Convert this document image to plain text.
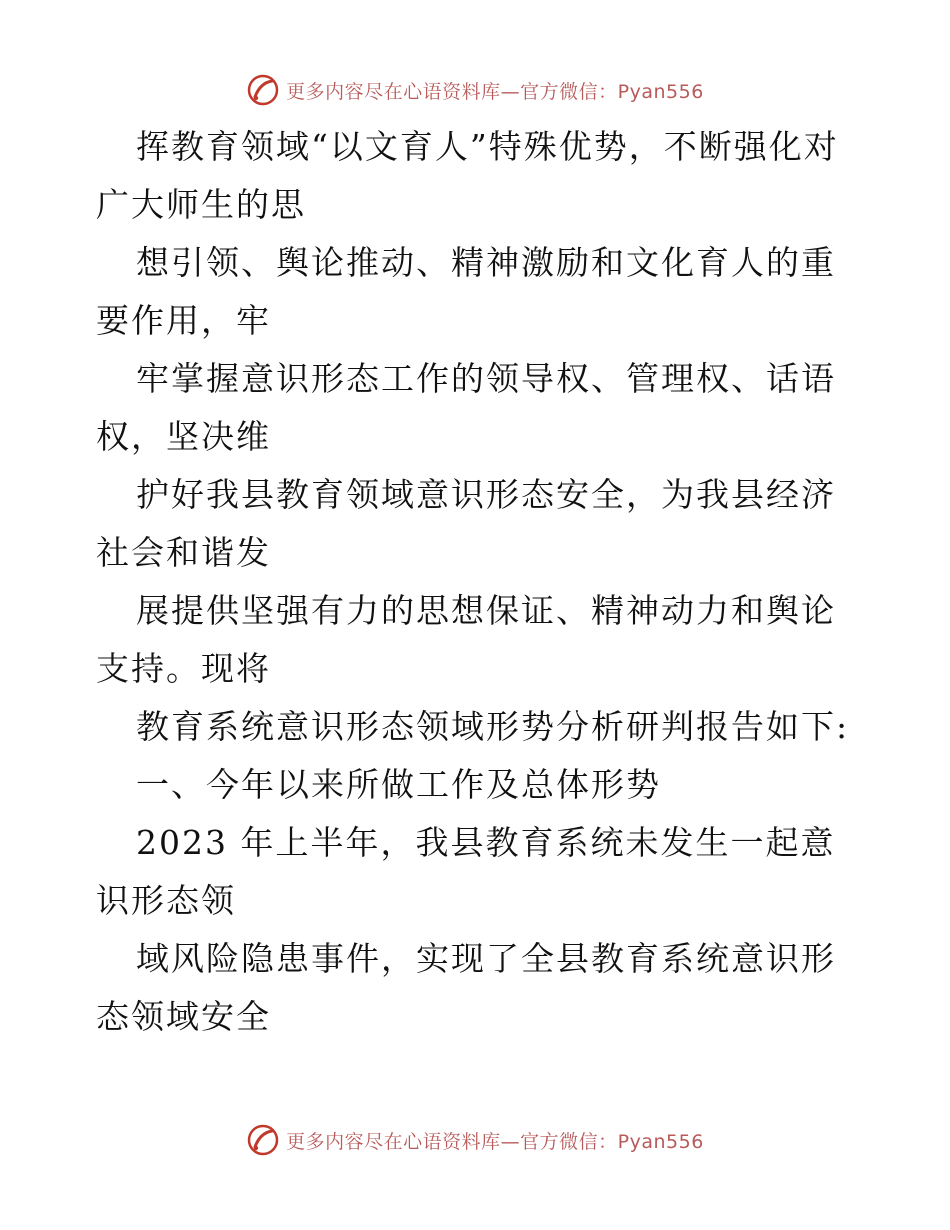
更多内容尽在心语资料库—官方微信：Pyan556

挥教育领域“以文育人”特殊优势，不断强化对广大师生的思

想引领、舆论推动、精神激励和文化育人的重要作用，牢

牢掌握意识形态工作的领导权、管理权、话语权，坚决维

护好我县教育领域意识形态安全，为我县经济社会和谐发

展提供坚强有力的思想保证、精神动力和舆论支持。现将

教育系统意识形态领域形势分析研判报告如下:

一、今年以来所做工作及总体形势

2023 年上半年，我县教育系统未发生一起意识形态领

域风险隐患事件，实现了全县教育系统意识形态领域安全

更多内容尽在心语资料库—官方微信：Pyan556
